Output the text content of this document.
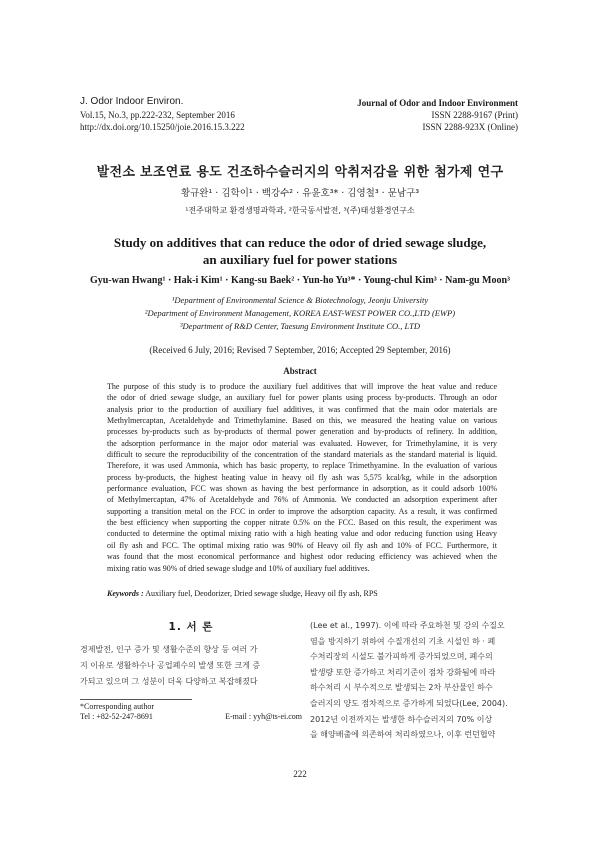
J. Odor Indoor Environ.
Vol.15, No.3, pp.222-232, September 2016
http://dx.doi.org/10.15250/joie.2016.15.3.222
Journal of Odor and Indoor Environment
ISSN 2288-9167 (Print)
ISSN 2288-923X (Online)
발전소 보조연료 용도 건조하수슬러지의 악취저감을 위한 첨가제 연구
황규완¹ · 김학이¹ · 백강수² · 유윤호³* · 김영철³ · 문남구³
¹전주대학교 환경생명과학과, ²한국동서발전, ³(주)태성환경연구소
Study on additives that can reduce the odor of dried sewage sludge,
an auxiliary fuel for power stations
Gyu-wan Hwang¹ · Hak-i Kim¹ · Kang-su Baek² · Yun-ho Yu³* · Young-chul Kim³ · Nam-gu Moon³
¹Department of Environmental Science & Biotechnology, Jeonju University
²Department of Environment Management, KOREA EAST-WEST POWER CO.,LTD (EWP)
³Department of R&D Center, Taesung Environment Institute CO., LTD
(Received 6 July, 2016; Revised 7 September, 2016; Accepted 29 September, 2016)
Abstract
The purpose of this study is to produce the auxiliary fuel additives that will improve the heat value and reduce
the odor of dried sewage sludge, an auxiliary fuel for power plants using process by-products. Through an odor
analysis prior to the production of auxiliary fuel additives, it was confirmed that the main odor materials are
Methylmercaptan, Acetaldehyde and Trimethylamine. Based on this, we measured the heating value on various
processes by-products such as by-products of thermal power generation and by-products of refinery. In addition,
the adsorption performance in the major odor material was evaluated. However, for Trimethylamine, it is very
difficult to secure the reproducibility of the concentration of the standard materials as the standard material is liquid.
Therefore, it was used Ammonia, which has basic property, to replace Trimethyamine. In the evaluation of various
process by-products, the highest heating value in heavy oil fly ash was 5,575 kcal/kg, while in the adsorption
performance evaluation, FCC was shown as having the best performance in adsorption, as it could adsorb 100%
of Methylmercaptan, 47% of Acetaldehyde and 76% of Ammonia. We conducted an adsorption experiment after
supporting a transition metal on the FCC in order to improve the adsorption capacity. As a result, it was confirmed
the best efficiency when supporting the copper nitrate 0.5% on the FCC. Based on this result, the experiment was
conducted to determine the optimal mixing ratio with a high heating value and odor reducing function using Heavy
oil fly ash and FCC. The optimal mixing ratio was 90% of Heavy oil fly ash and 10% of FCC. Furthermore, it
was found that the most economical performance and highest odor reducing efficiency was achieved when the
mixing ratio was 90% of dried sewage sludge and 10% of auxiliary fuel additives.
Keywords : Auxiliary fuel, Deodorizer, Dried sewage sludge, Heavy oil fly ash, RPS
1. 서 론
경제발전, 인구 증가 및 생활수준의 향상 등 여러 가
지 이유로 생활하수나 공업폐수의 발생 또한 크게 증
가되고 있으며 그 성분이 더욱 다양하고 복잡해졌다
(Lee et al., 1997). 이에 따라 주요하천 및 강의 수질오
염을 방지하기 위하여 수질개선의 기초 시설인 하 · 폐
수처리장의 시설도 불가피하게 증가되었으며, 폐수의
발생량 또한 증가하고 처리기준이 점차 강화됨에 따라
하수처리 시 부수적으로 발생되는 2차 부산물인 하수
슬러지의 양도 점차적으로 증가하게 되었다(Lee, 2004).
2012년 이전까지는 발생한 하수슬러지의 70% 이상
을 해양배출에 의존하여 처리하였으나, 이후 런던협약
*Corresponding author
Tel : +82-52-247-8691	E-mail : yyh@ts-ei.com
222
